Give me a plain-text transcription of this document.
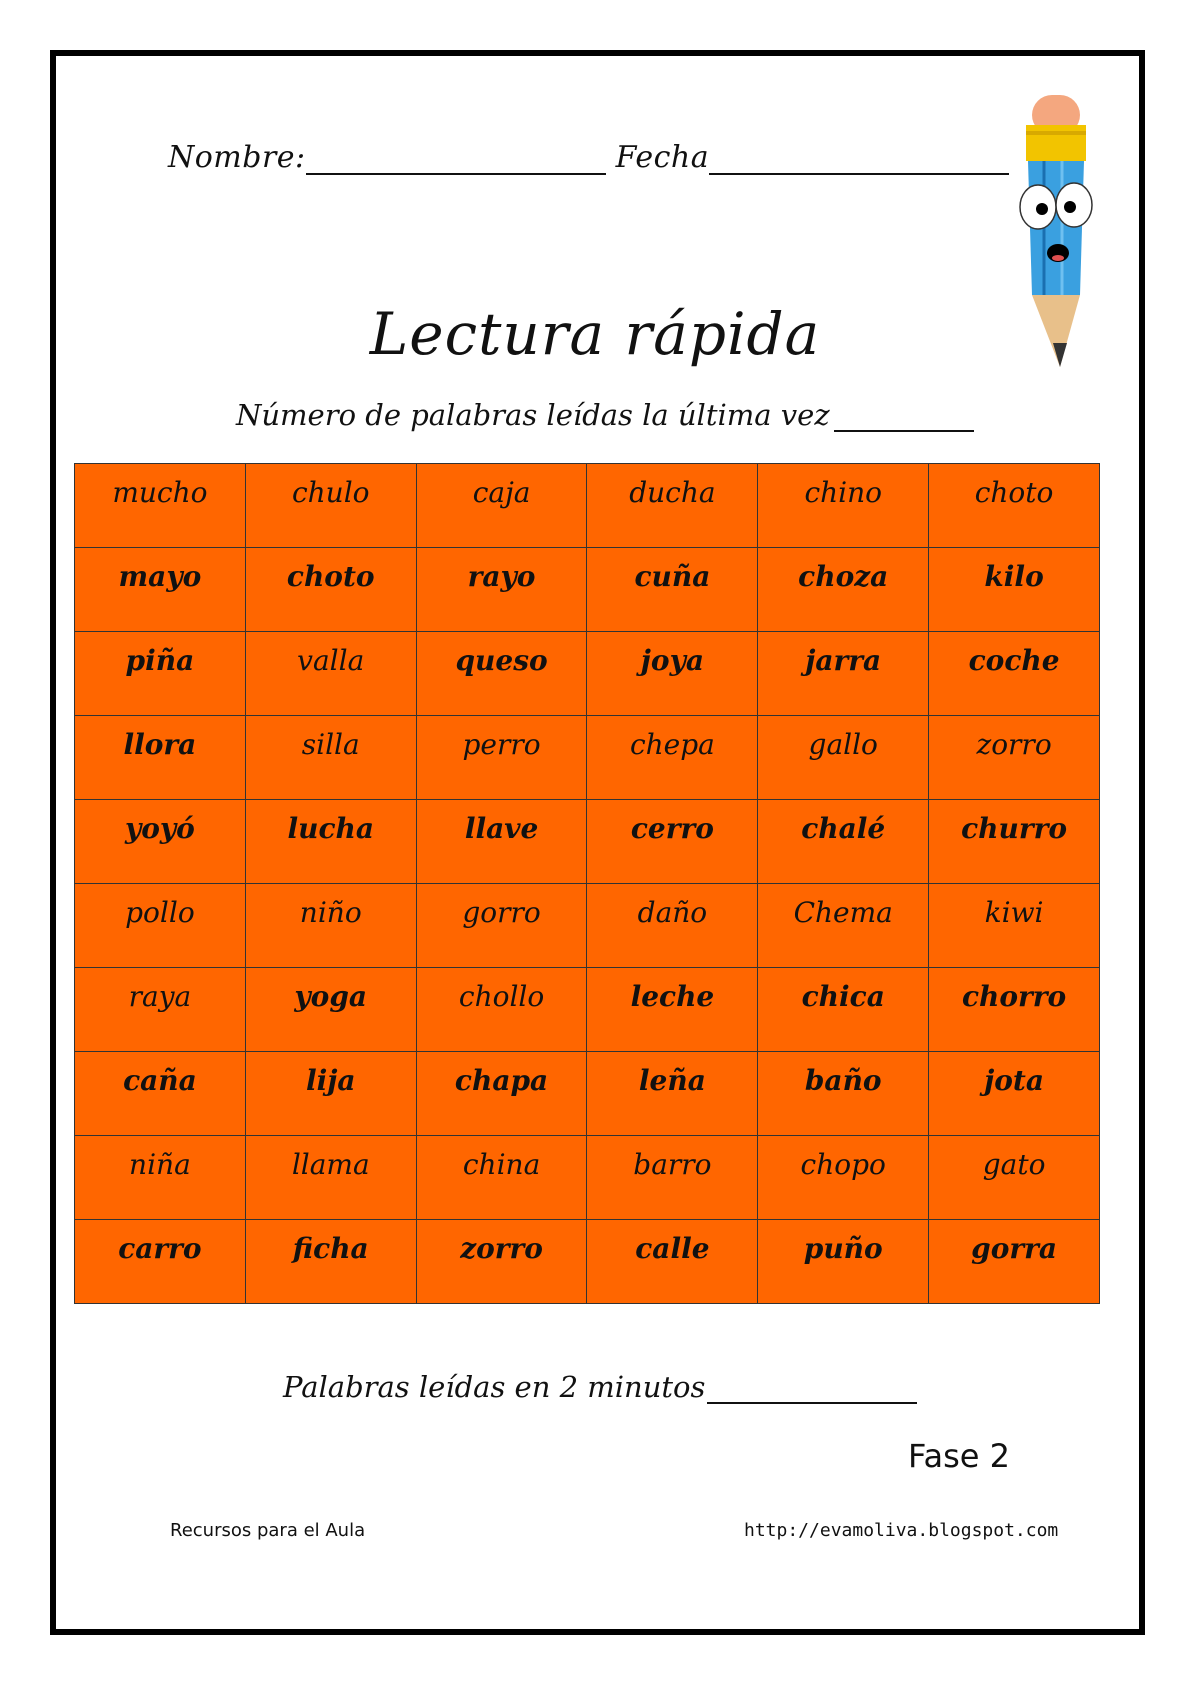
Nombre:	Fecha
Lectura rápida
Número de palabras leídas la última vez
mucho	chulo	caja	ducha	chino	choto
mayo	choto	rayo	cuña	choza	kilo
piña	valla	queso	joya	jarra	coche
llora	silla	perro	chepa	gallo	zorro
yoyó	lucha	llave	cerro	chalé	churro
pollo	niño	gorro	daño	Chema	kiwi
raya	yoga	chollo	leche	chica	chorro
caña	lija	chapa	leña	baño	jota
niña	llama	china	barro	chopo	gato
carro	ficha	zorro	calle	puño	gorra
Palabras leídas en 2 minutos
Fase 2
Recursos para el Aula	http://evamoliva.blogspot.com
